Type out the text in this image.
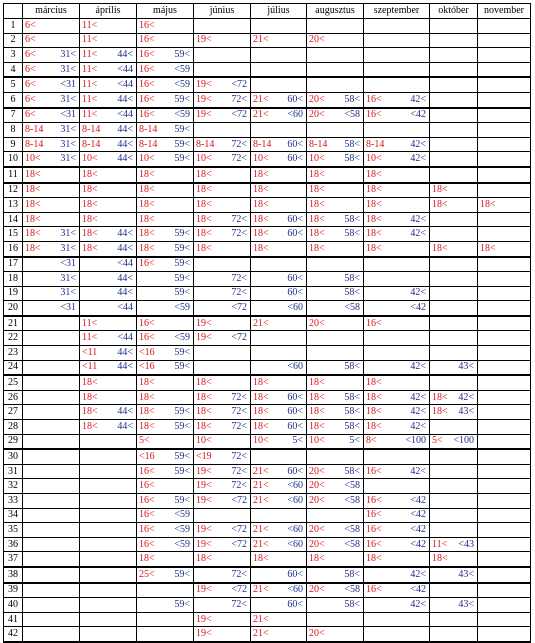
	március	április	május	június	július	augusztus	szeptember	október	november
1	6<	11<	16<						

2	6<	11<	16<	19<	21<	20<			

3	6< 31<	11< 44<	16< 59<						

4	6< 31<	11< <44	16< <59						

5	6< <31	11< <44	16< <59	19< <72					

6	6< 31<	11< 44<	16< 59<	19< 72<	21< 60<	20< 58<	16< 42<		

7	6< <31	11< <44	16< <59	19< <72	21< <60	20< <58	16< <42		

8	8-14 31<	8-14 44<	8-14 59<						

9	8-14 31<	8-14 44<	8-14 59<	8-14 72<	8-14 60<	8-14 58<	8-14 42<		

10	10< 31<	10< 44<	10< 59<	10< 72<	10< 60<	10< 58<	10< 42<		

11	18<	18<	18<	18<	18<	18<	18<		

12	18<	18<	18<	18<	18<	18<	18<	18<	

13	18<	18<	18<	18<	18<	18<	18<	18<	18<

14	18<	18<	18<	18< 72<	18< 60<	18< 58<	18< 42<		

15	18< 31<	18< 44<	18< 59<	18< 72<	18< 60<	18< 58<	18< 42<		

16	18< 31<	18< 44<	18< 59<	18<	18<	18<	18<	18<	18<

17	<31	<44	16< 59<						

18	31<	44<	59<	72<	60<	58<			

19	31<	44<	59<	72<	60<	58<	42<		

20	<31	<44	<59	<72	<60	<58	<42		

21		11<	16<	19<	21<	20<	16<		

22		11< <44	16< <59	19< <72					

23		<11 44<	<16 59<						

24		<11 44<	<16 59<		<60	58<	42<	43<	

25		18<	18<	18<	18<	18<	18<		

26		18<	18<	18< 72<	18< 60<	18< 58<	18< 42<	18< 42<	

27		18< 44<	18< 59<	18< 72<	18< 60<	18< 58<	18< 42<	18< 43<	

28		18< 44<	18< 59<	18< 72<	18< 60<	18< 58<	18< 42<		

29			5<	10<	10< 5<	10< 5<	8< <100	5< <100	

30			<16 59<	<19 72<					

31			16< 59<	19< 72<	21< 60<	20< 58<	16< 42<		

32			16<	19< 72<	21< <60	20< <58			

33			16< 59<	19< <72	21< <60	20< <58	16< <42		

34			16< <59				16< <42		

35			16< <59	19< <72	21< <60	20< <58	16< <42		

36			16< <59	19< <72	21< <60	20< <58	16< <42	11< <43	

37			18<	18<	18<	18<	18<	18<	

38			25< 59<	72<	60<	58<	42<	43<	

39				19< <72	21< <60	20< <58	16< <42		

40			59<	72<	60<	58<	42<	43<	

41				19<	21<				

42				19<	21<	20<			
